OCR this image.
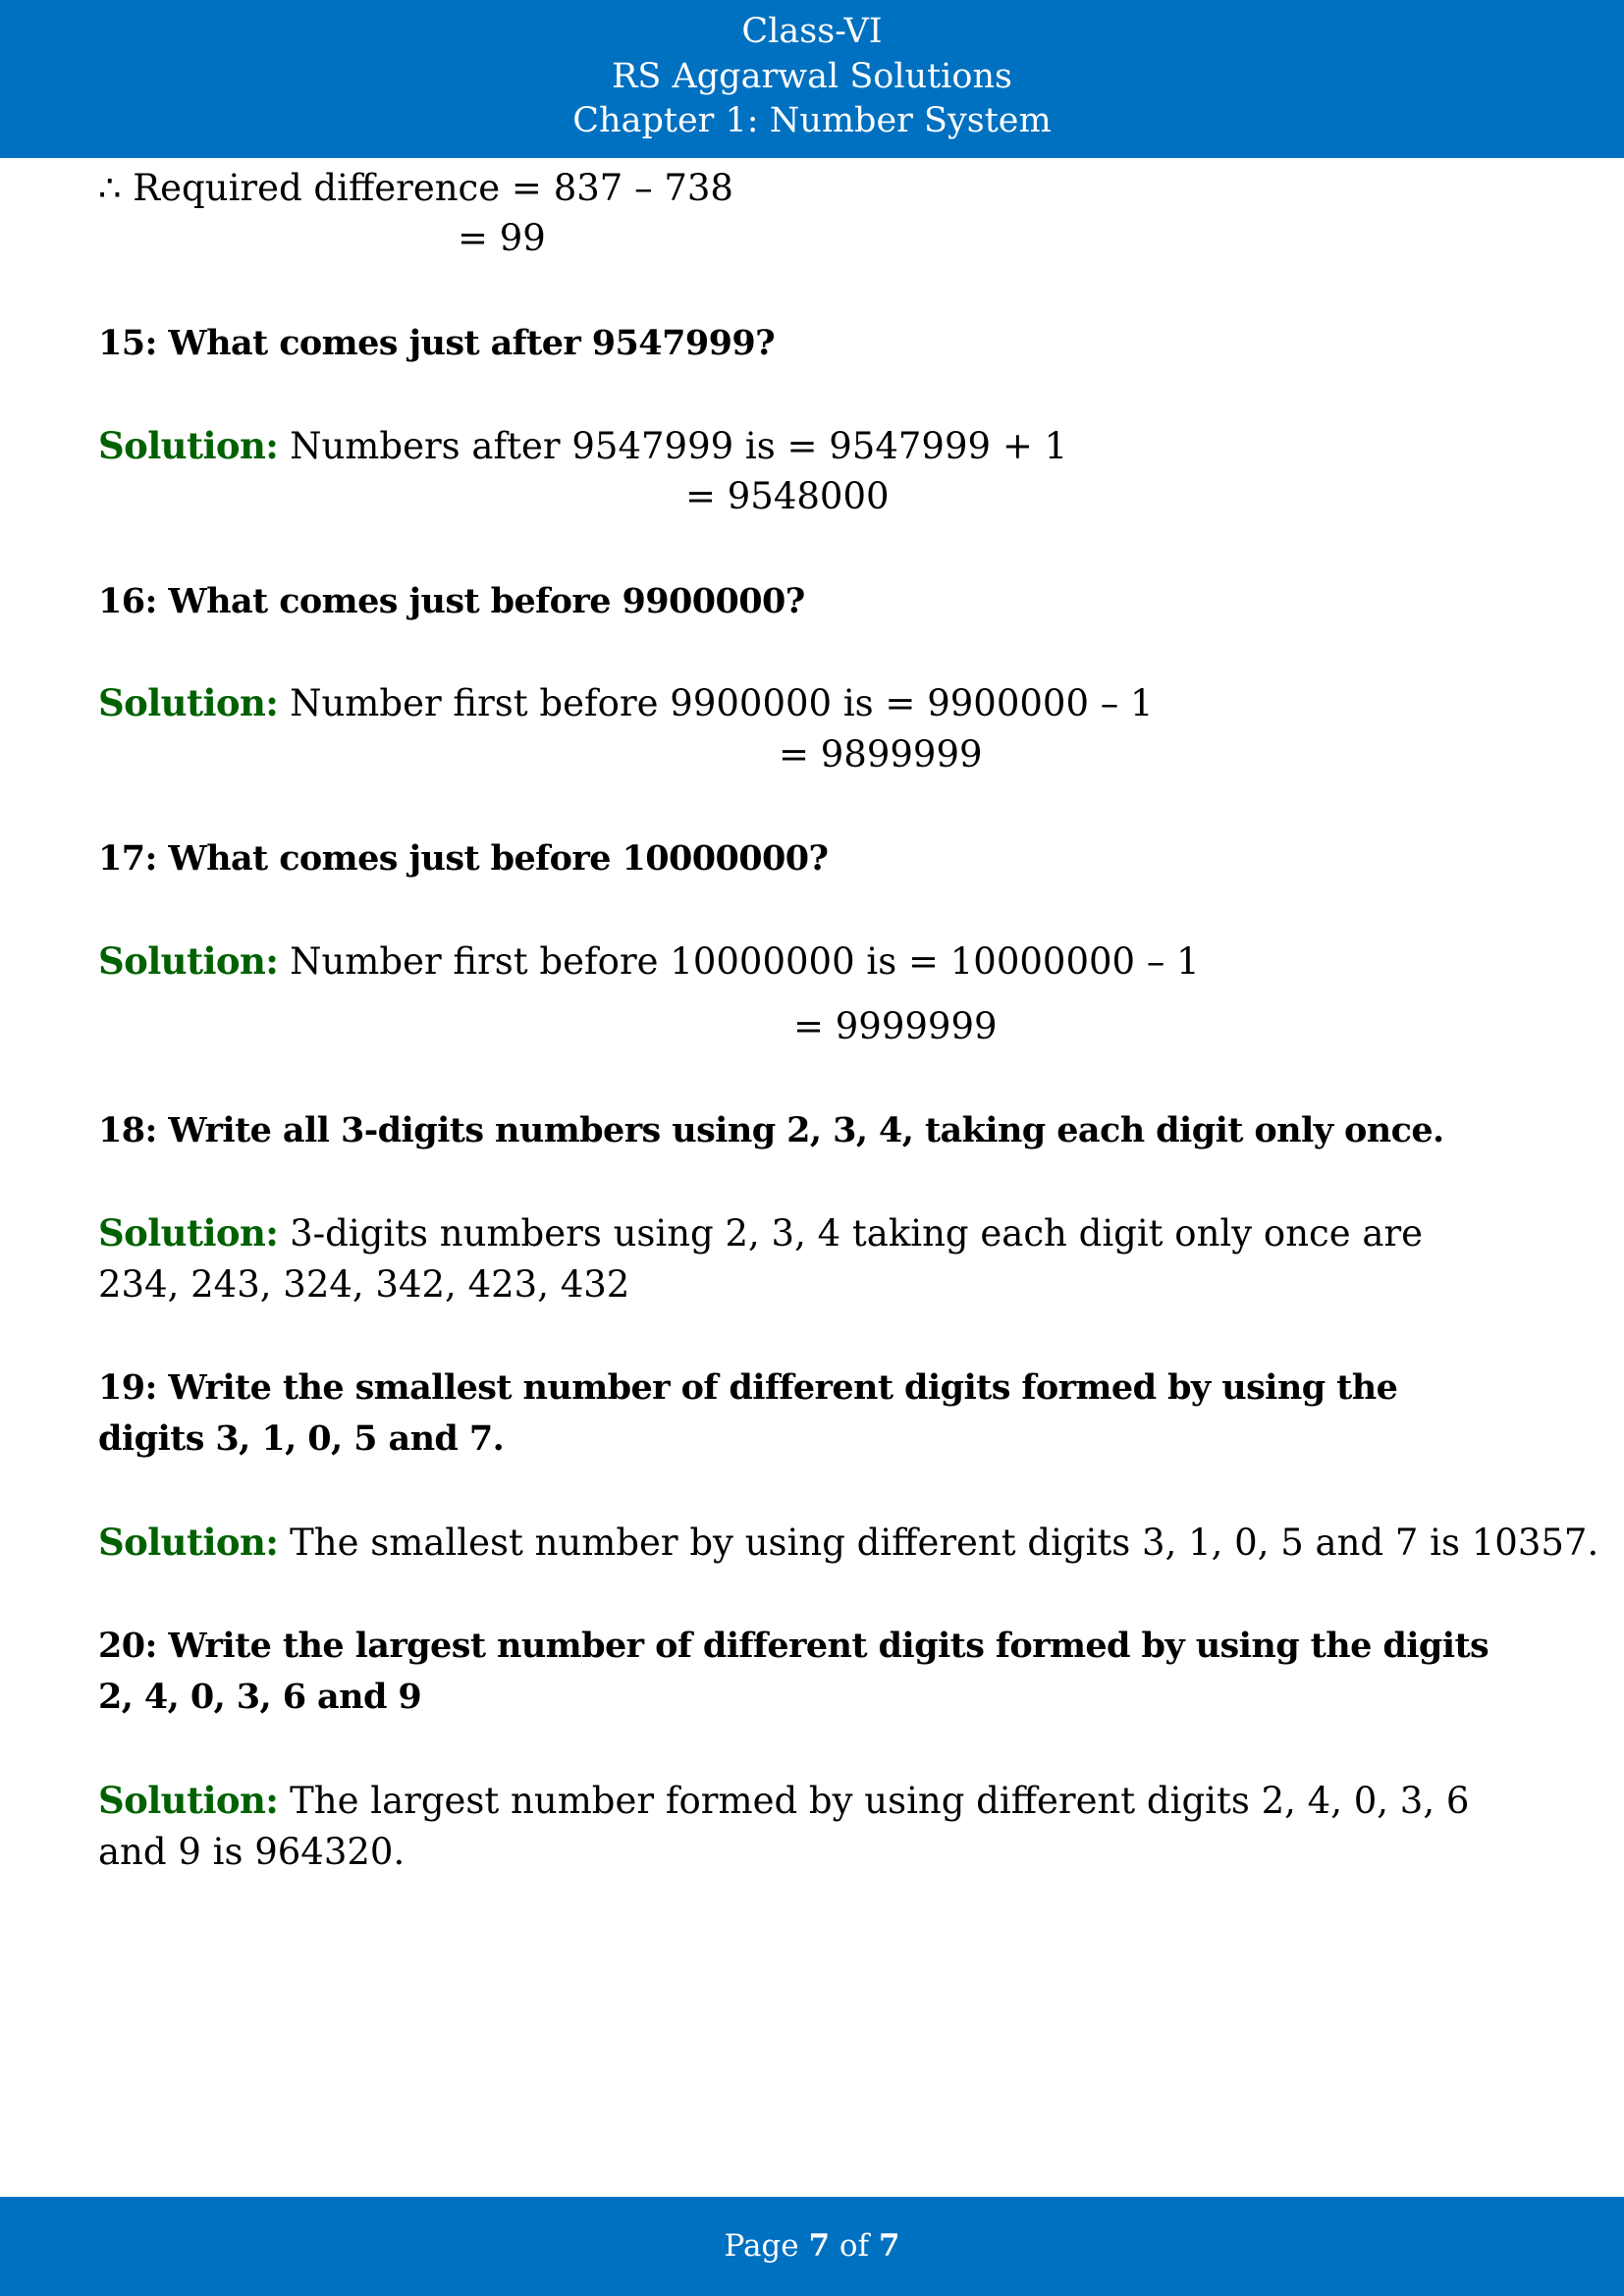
Class-VI
RS Aggarwal Solutions
Chapter 1: Number System
∴ Required difference = 837 – 738
= 99
15: What comes just after 9547999?
Solution: Numbers after 9547999 is = 9547999 + 1
= 9548000
16: What comes just before 9900000?
Solution: Number first before 9900000 is = 9900000 – 1
= 9899999
17: What comes just before 10000000?
Solution: Number first before 10000000 is = 10000000 – 1
= 9999999
18: Write all 3-digits numbers using 2, 3, 4, taking each digit only once.
Solution: 3-digits numbers using 2, 3, 4 taking each digit only once are 234, 243, 324, 342, 423, 432
19: Write the smallest number of different digits formed by using the digits 3, 1, 0, 5 and 7.
Solution: The smallest number by using different digits 3, 1, 0, 5 and 7 is 10357.
20: Write the largest number of different digits formed by using the digits 2, 4, 0, 3, 6 and 9
Solution: The largest number formed by using different digits 2, 4, 0, 3, 6 and 9 is 964320.
Page 7 of 7
